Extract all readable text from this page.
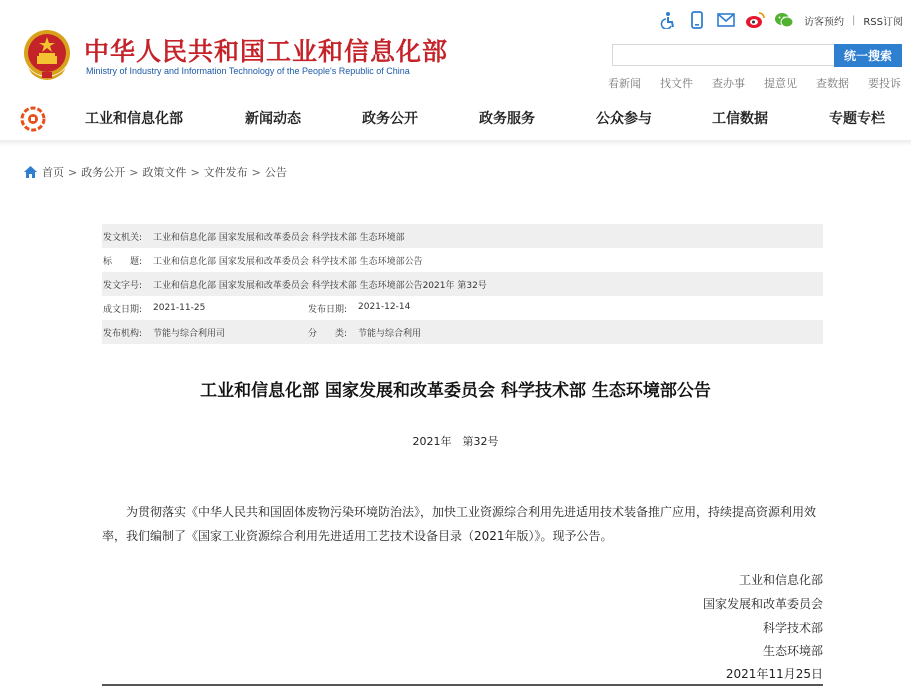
中华人民共和国工业和信息化部
Ministry of Industry and Information Technology of the People's Republic of China
访客预约 | RSS订阅
统一搜索
看新闻 找文件 查办事 提意见 查数据 要投诉
工业和信息化部	新闻动态	政务公开	政务服务	公众参与	工信数据	专题专栏
首页 > 政务公开 > 政策文件 > 文件发布 > 公告
发文机关:	工业和信息化部 国家发展和改革委员会 科学技术部 生态环境部
标　　题:	工业和信息化部 国家发展和改革委员会 科学技术部 生态环境部公告
发文字号:	工业和信息化部 国家发展和改革委员会 科学技术部 生态环境部公告2021年 第32号
成文日期:	2021-11-25	发布日期:	2021-12-14
发布机构:	节能与综合利用司	分　　类:	节能与综合利用
工业和信息化部 国家发展和改革委员会 科学技术部 生态环境部公告
2021年　第32号
为贯彻落实《中华人民共和国固体废物污染环境防治法》，加快工业资源综合利用先进适用技术装备推广应用，持续提高资源利用效率，我们编制了《国家工业资源综合利用先进适用工艺技术设备目录（2021年版）》。现予公告。
工业和信息化部
国家发展和改革委员会
科学技术部
生态环境部
2021年11月25日
